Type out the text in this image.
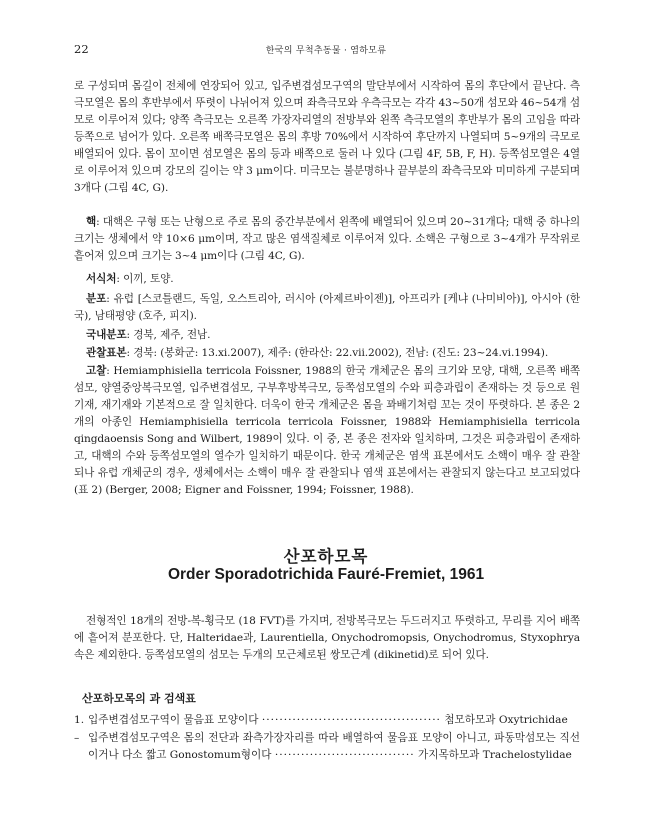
22	한국의 무척추동물 · 염하모류

로 구성되며 몸길이 전체에 연장되어 있고, 입주변겹섬모구역의 말단부에서 시작하여 몸의 후단에서 끝난다. 측극모열은 몸의 후반부에서 뚜렷이 나뉘어져 있으며 좌측극모와 우측극모는 각각 43~50개 섬모와 46~54개 섬모로 이루어져 있다; 양쪽 측극모는 오른쪽 가장자리열의 전방부와 왼쪽 측극모열의 후반부가 몸의 고임을 따라 등쪽으로 넘어가 있다. 오른쪽 배쪽극모열은 몸의 후방 70%에서 시작하여 후단까지 나열되며 5~9개의 극모로 배열되어 있다. 몸이 꼬이면 섬모열은 몸의 등과 배쪽으로 둘러 나 있다 (그림 4F, 5B, F, H). 등쪽섬모열은 4열로 이루어져 있으며 강모의 길이는 약 3 μm이다. 미극모는 불분명하나 끝부분의 좌측극모와 미미하게 구분되며 3개다 (그림 4C, G).

핵: 대핵은 구형 또는 난형으로 주로 몸의 중간부분에서 왼쪽에 배열되어 있으며 20~31개다; 대핵 중 하나의 크기는 생체에서 약 10×6 μm이며, 작고 많은 염색질체로 이루어져 있다. 소핵은 구형으로 3~4개가 무작위로 흩어져 있으며 크기는 3~4 μm이다 (그림 4C, G).

서식처: 이끼, 토양.

분포: 유럽 [스코틀랜드, 독일, 오스트리아, 러시아 (아제르바이젠)], 아프리카 [케냐 (나미비아)], 아시아 (한국), 남태평양 (호주, 피지).

국내분포: 경북, 제주, 전남.

관찰표본: 경북: (봉화군: 13.xi.2007), 제주: (한라산: 22.vii.2002), 전남: (진도: 23~24.vi.1994).

고찰: Hemiamphisiella terricola Foissner, 1988의 한국 개체군은 몸의 크기와 모양, 대핵, 오른쪽 배쪽섬모, 양열중앙복극모열, 입주변겹섬모, 구부후방복극모, 등쪽섬모열의 수와 피층과립이 존재하는 것 등으로 원기재, 재기재와 기본적으로 잘 일치한다. 더욱이 한국 개체군은 몸을 꽈배기처럼 꼬는 것이 뚜렷하다. 본 종은 2개의 아종인 Hemiamphisiella terricola terricola Foissner, 1988와 Hemiamphisiella terricola qingdaoensis Song and Wilbert, 1989이 있다. 이 중, 본 종은 전자와 일치하며, 그것은 피층과립이 존재하고, 대핵의 수와 등쪽섬모열의 열수가 일치하기 때문이다. 한국 개체군은 염색 표본에서도 소핵이 매우 잘 관찰되나 유럽 개체군의 경우, 생체에서는 소핵이 매우 잘 관찰되나 염색 표본에서는 관찰되지 않는다고 보고되었다 (표 2) (Berger, 2008; Eigner and Foissner, 1994; Foissner, 1988).

산포하모목
Order Sporadotrichida Fauré-Fremiet, 1961

전형적인 18개의 전방-복-횡극모 (18 FVT)를 가지며, 전방복극모는 두드러지고 뚜렷하고, 무리를 지어 배쪽에 흩어져 분포한다. 단, Halteridae과, Laurentiella, Onychodromopsis, Onychodromus, Styxophrya 속은 제외한다. 등쪽섬모열의 섬모는 두개의 모근체로된 쌍모근계 (dikinetid)로 되어 있다.

산포하모목의 과 검색표
1. 입주변겹섬모구역이 물음표 모양이다 ········································· 첨모하모과 Oxytrichidae
– 입주변겹섬모구역은 몸의 전단과 좌측가장자리를 따라 배열하여 물음표 모양이 아니고, 파동막섬모는 직선이거나 다소 짧고 Gonostomum형이다 ································ 가지목하모과 Trachelostylidae
